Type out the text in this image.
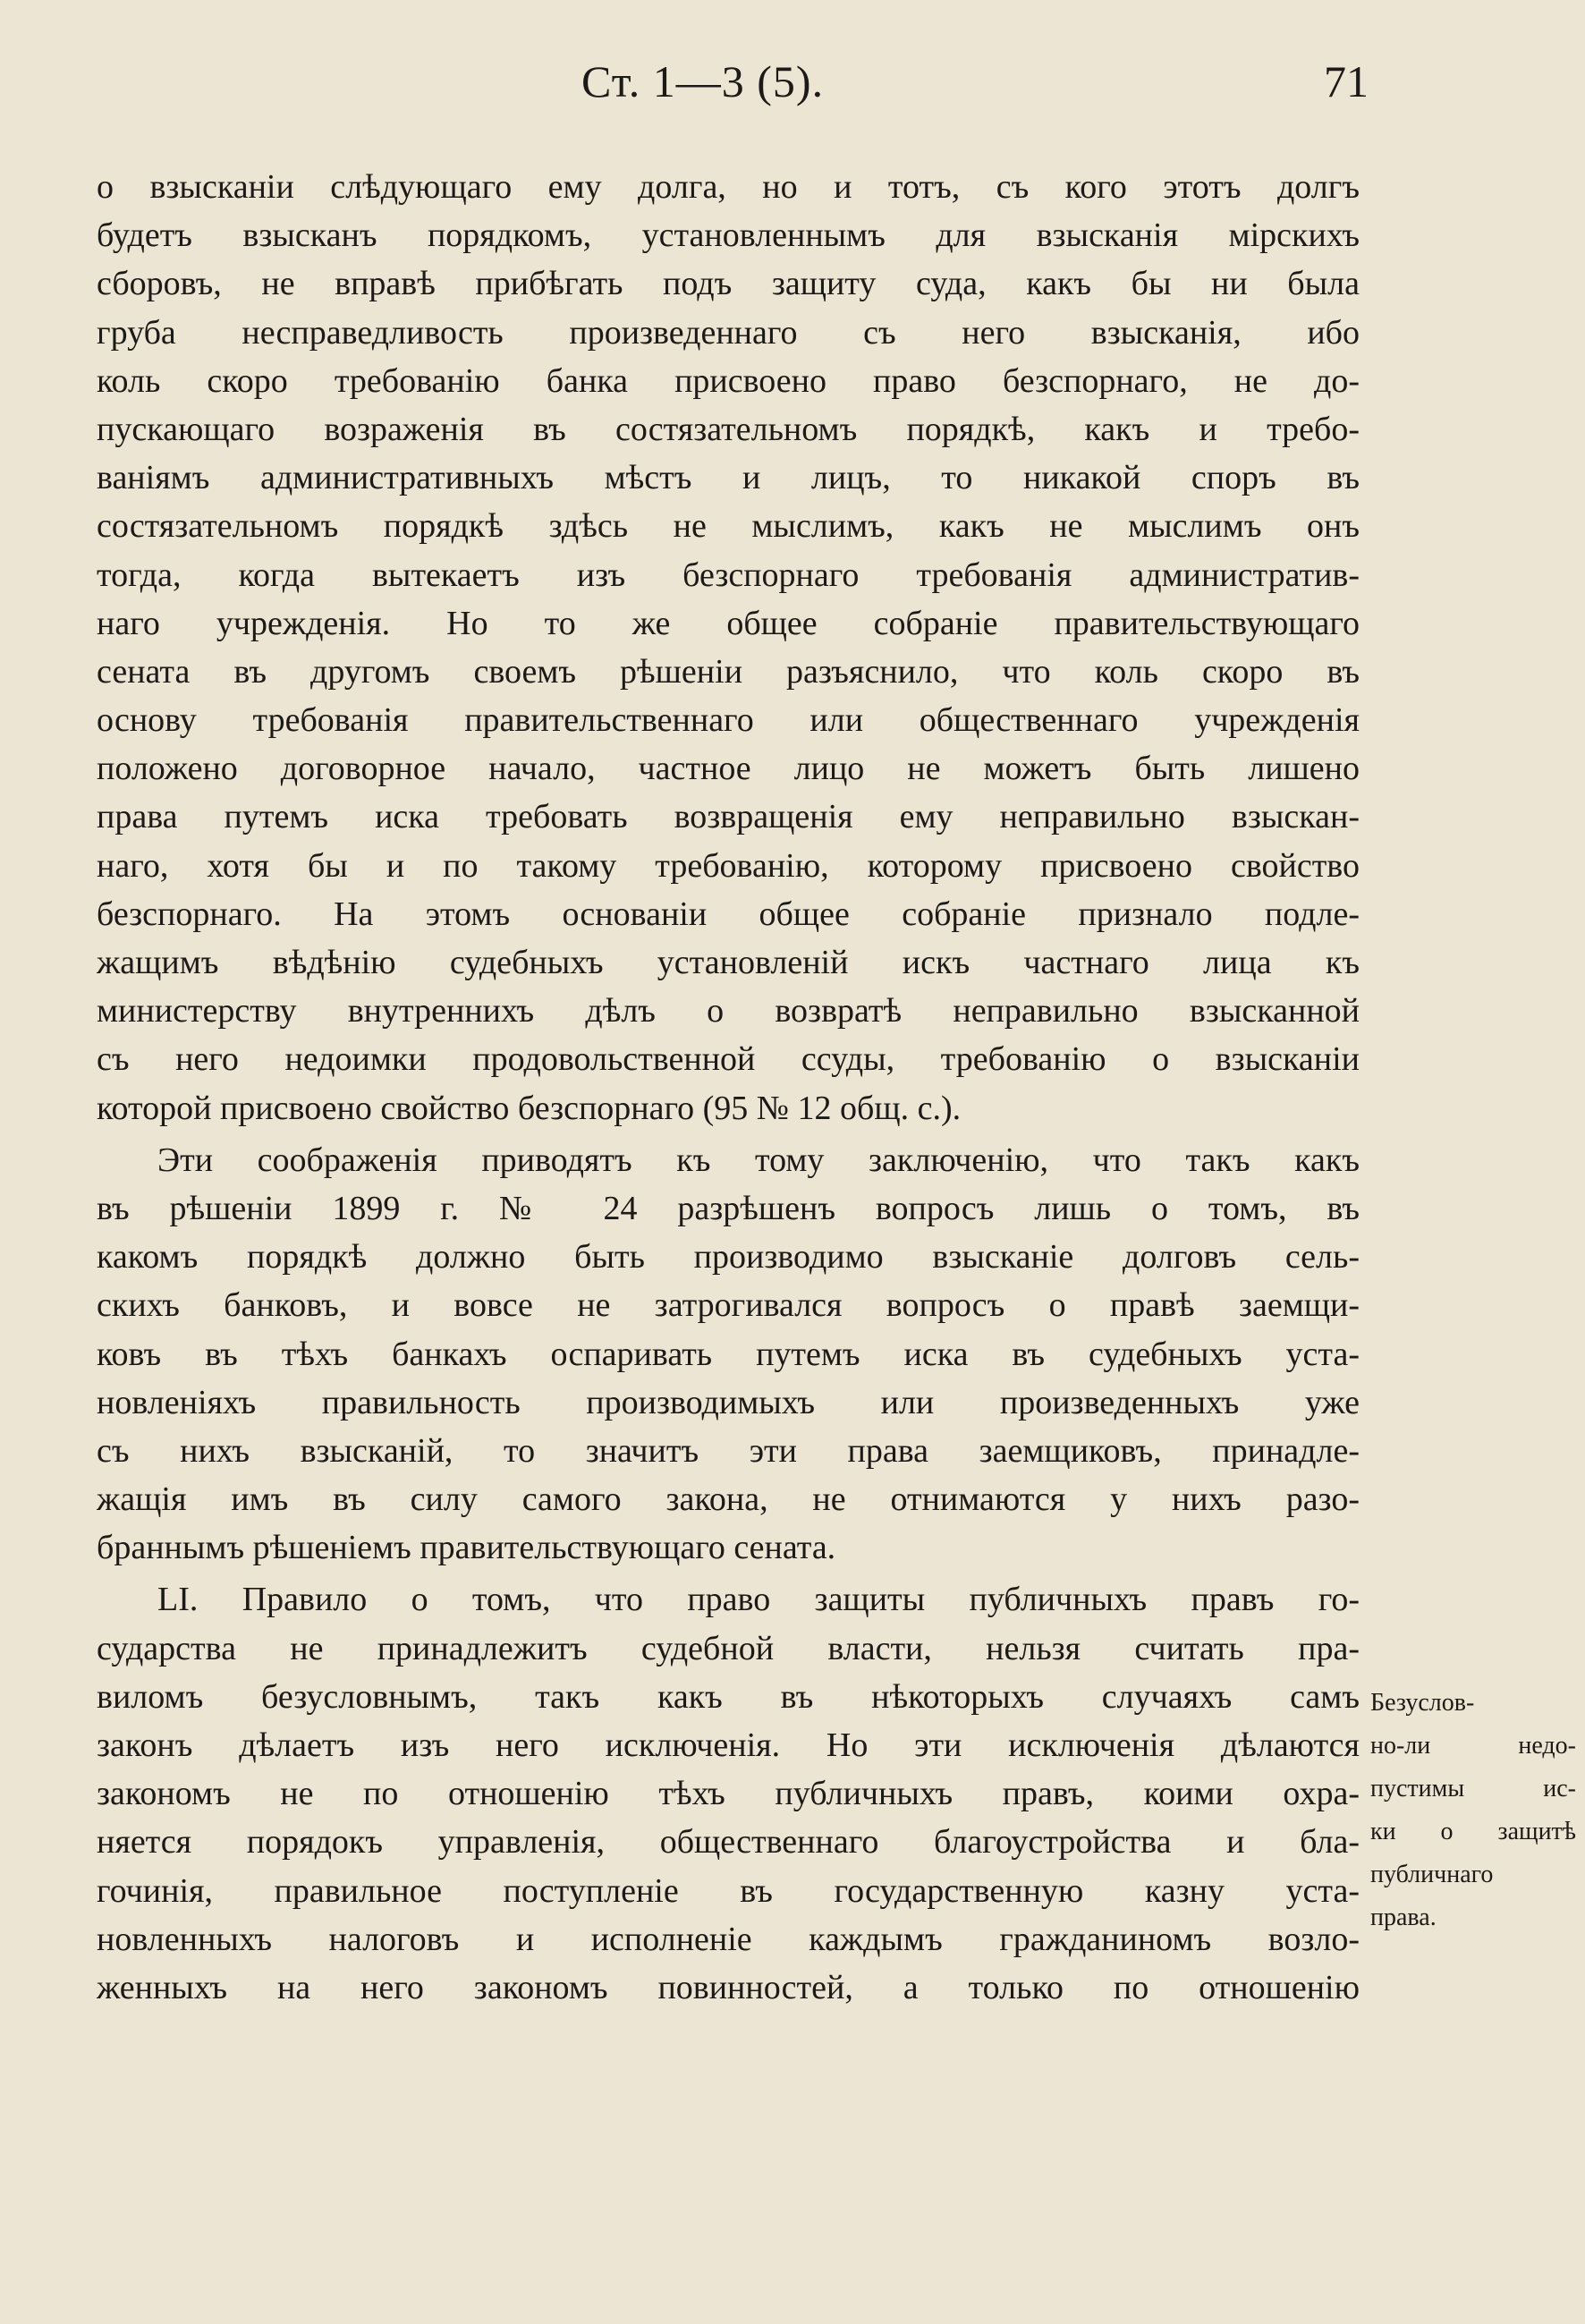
Ст. 1—3 (5).	71
о взысканіи слѣдующаго ему долга, но и тотъ, съ кого этотъ долгъ
будетъ взысканъ порядкомъ, установленнымъ для взысканія мірскихъ
сборовъ, не вправѣ прибѣгать подъ защиту суда, какъ бы ни была
груба несправедливость произведеннаго съ него взысканія, ибо
коль скоро требованію банка присвоено право безспорнаго, не до-
пускающаго возраженія въ состязательномъ порядкѣ, какъ и требо-
ваніямъ административныхъ мѣстъ и лицъ, то никакой споръ въ
состязательномъ порядкѣ здѣсь не мыслимъ, какъ не мыслимъ онъ
тогда, когда вытекаетъ изъ безспорнаго требованія административ-
наго учрежденія. Но то же общее собраніе правительствующаго
сената въ другомъ своемъ рѣшеніи разъяснило, что коль скоро въ
основу требованія правительственнаго или общественнаго учрежденія
положено договорное начало, частное лицо не можетъ быть лишено
права путемъ иска требовать возвращенія ему неправильно взыскан-
наго, хотя бы и по такому требованію, которому присвоено свойство
безспорнаго. На этомъ основаніи общее собраніе признало подле-
жащимъ вѣдѣнію судебныхъ установленій искъ частнаго лица къ
министерству внутреннихъ дѣлъ о возвратѣ неправильно взысканной
съ него недоимки продовольственной ссуды, требованію о взысканіи
которой присвоено свойство безспорнаго (95 № 12 общ. с.).
Эти соображенія приводятъ къ тому заключенію, что такъ какъ
въ рѣшеніи 1899 г. № 24 разрѣшенъ вопросъ лишь о томъ, въ
какомъ порядкѣ должно быть производимо взысканіе долговъ сель-
скихъ банковъ, и вовсе не затрогивался вопросъ о правѣ заемщи-
ковъ въ тѣхъ банкахъ оспаривать путемъ иска въ судебныхъ уста-
новленіяхъ правильность производимыхъ или произведенныхъ уже
съ нихъ взысканій, то значитъ эти права заемщиковъ, принадле-
жащія имъ въ силу самого закона, не отнимаются у нихъ разо-
браннымъ рѣшеніемъ правительствующаго сената.
LI. Правило о томъ, что право защиты публичныхъ правъ го-
сударства не принадлежитъ судебной власти, нельзя считать пра-
виломъ безусловнымъ, такъ какъ въ нѣкоторыхъ случаяхъ самъ
законъ дѣлаетъ изъ него исключенія. Но эти исключенія дѣлаются
закономъ не по отношенію тѣхъ публичныхъ правъ, коими охра-
няется порядокъ управленія, общественнаго благоустройства и бла-
гочинія, правильное поступленіе въ государственную казну уста-
новленныхъ налоговъ и исполненіе каждымъ гражданиномъ возло-
женныхъ на него закономъ повинностей, а только по отношенію
Безуслов-
но-ли недо-
пустимы ис-
ки о защитѣ
публичнаго
права.
